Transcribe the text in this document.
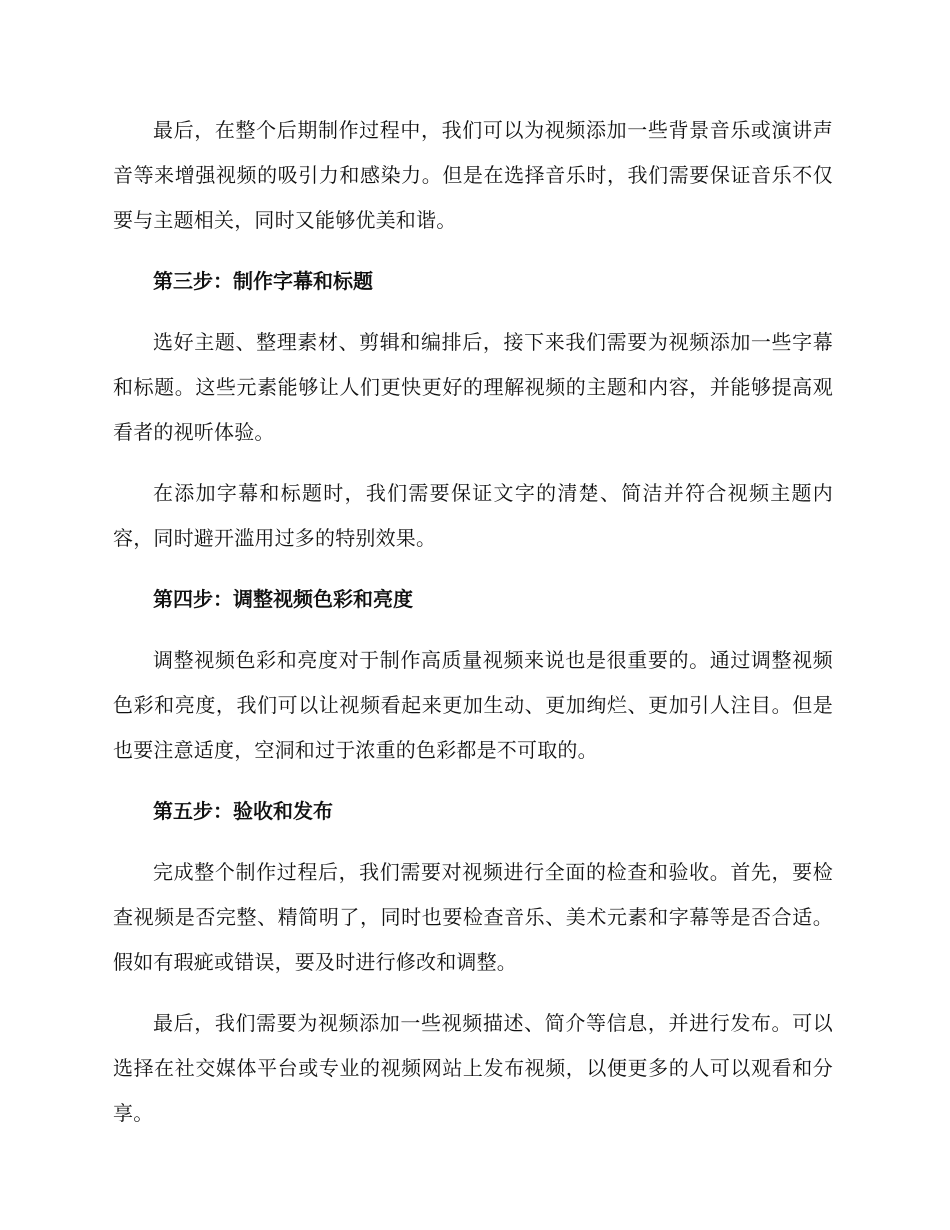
最后，在整个后期制作过程中，我们可以为视频添加一些背景音乐或演讲声音等来增强视频的吸引力和感染力。但是在选择音乐时，我们需要保证音乐不仅要与主题相关，同时又能够优美和谐。

第三步：制作字幕和标题

选好主题、整理素材、剪辑和编排后，接下来我们需要为视频添加一些字幕和标题。这些元素能够让人们更快更好的理解视频的主题和内容，并能够提高观看者的视听体验。

在添加字幕和标题时，我们需要保证文字的清楚、简洁并符合视频主题内容，同时避开滥用过多的特别效果。

第四步：调整视频色彩和亮度

调整视频色彩和亮度对于制作高质量视频来说也是很重要的。通过调整视频色彩和亮度，我们可以让视频看起来更加生动、更加绚烂、更加引人注目。但是也要注意适度，空洞和过于浓重的色彩都是不可取的。

第五步：验收和发布

完成整个制作过程后，我们需要对视频进行全面的检查和验收。首先，要检查视频是否完整、精简明了，同时也要检查音乐、美术元素和字幕等是否合适。假如有瑕疵或错误，要及时进行修改和调整。

最后，我们需要为视频添加一些视频描述、简介等信息，并进行发布。可以选择在社交媒体平台或专业的视频网站上发布视频，以便更多的人可以观看和分享。
